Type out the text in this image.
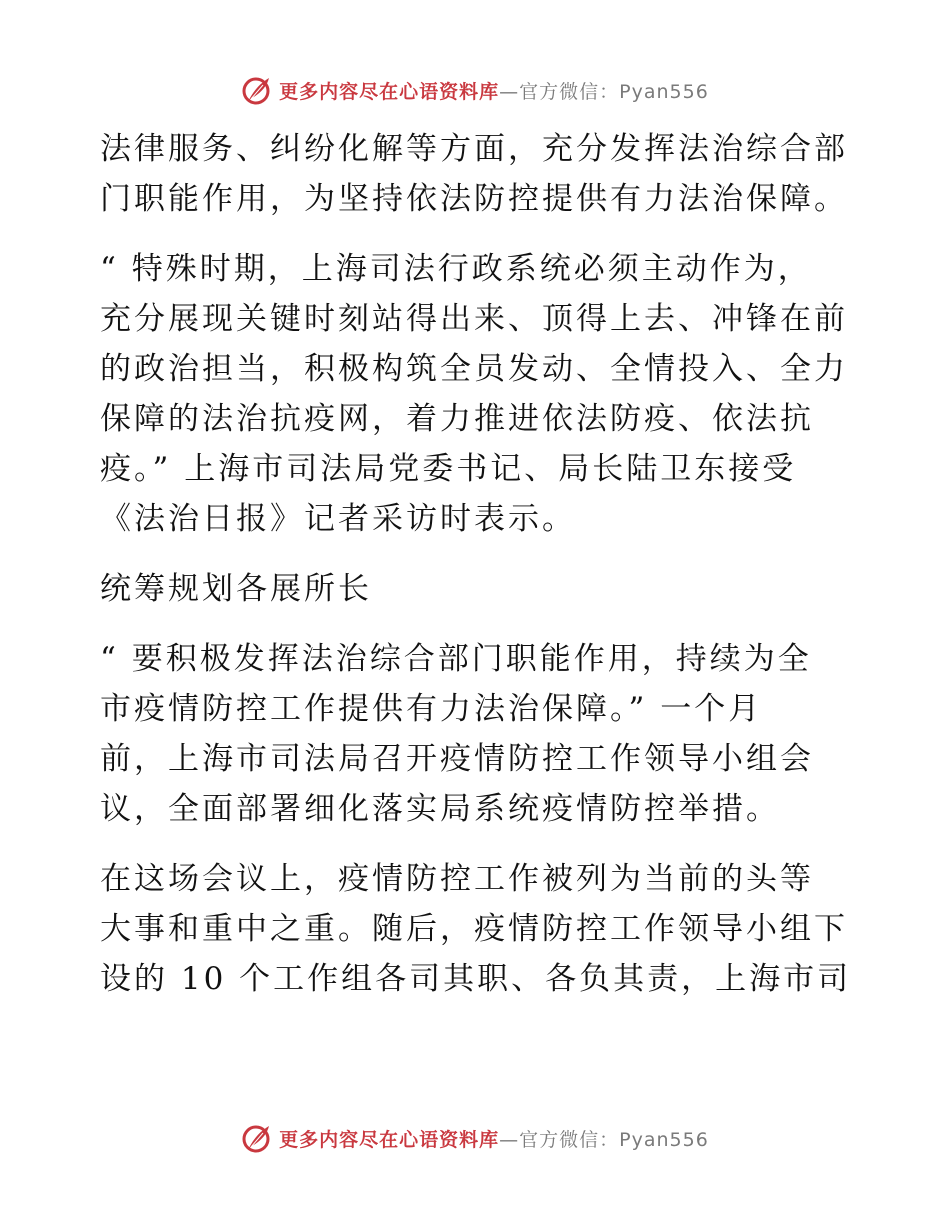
更多内容尽在心语资料库—官方微信：Pyan556
法律服务、纠纷化解等方面，充分发挥法治综合部
门职能作用，为坚持依法防控提供有力法治保障。
“ 特殊时期，上海司法行政系统必须主动作为，
充分展现关键时刻站得出来、顶得上去、冲锋在前
的政治担当，积极构筑全员发动、全情投入、全力
保障的法治抗疫网，着力推进依法防疫、依法抗
疫。” 上海市司法局党委书记、局长陆卫东接受
《法治日报》记者采访时表示。
统筹规划各展所长
“ 要积极发挥法治综合部门职能作用，持续为全
市疫情防控工作提供有力法治保障。” 一个月
前，上海市司法局召开疫情防控工作领导小组会
议，全面部署细化落实局系统疫情防控举措。
在这场会议上，疫情防控工作被列为当前的头等
大事和重中之重。随后，疫情防控工作领导小组下
设的 10 个工作组各司其职、各负其责，上海市司
更多内容尽在心语资料库—官方微信：Pyan556
